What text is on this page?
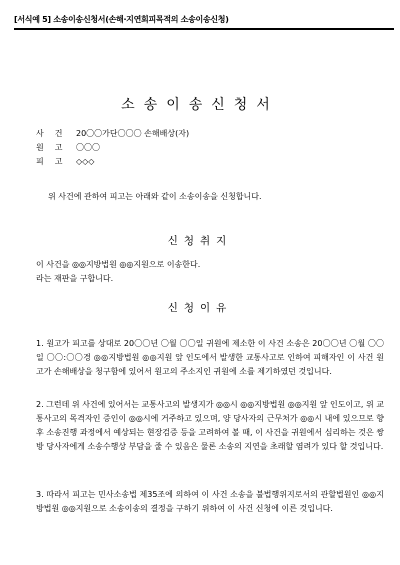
[서식예 5] 소송이송신청서(손해·지연회피목적의 소송이송신청)
소송이송신청서
사건 20〇〇가단〇〇〇 손해배상(자)
원고 〇〇〇
피고 ◇◇◇
위 사건에 관하여 피고는 아래와 같이 소송이송을 신청합니다.
신청취지
이 사건을 ◎◎지방법원 ◎◎지원으로 이송한다.
라는 재판을 구합니다.
신청이유
1. 원고가 피고를 상대로 20〇〇년 〇월 〇〇일 귀원에 제소한 이 사건 소송은 20〇〇년 〇월 〇〇일 〇〇:〇〇경 ◎◎지방법원 ◎◎지원 앞 인도에서 발생한 교통사고로 인하여 피해자인 이 사건 원고가 손해배상을 청구함에 있어서 원고의 주소지인 귀원에 소를 제기하였던 것입니다.
2. 그런데 위 사건에 있어서는 교통사고의 발생지가 ◎◎시 ◎◎지방법원 ◎◎지원 앞 인도이고, 위 교통사고의 목격자인 증인이 ◎◎시에 거주하고 있으며, 양 당사자의 근무처가 ◎◎시 내에 있으므로 향후 소송진행 과정에서 예상되는 현장검증 등을 고려하여 볼 때, 이 사건을 귀원에서 심리하는 것은 쌍방 당사자에게 소송수행상 부담을 줄 수 있음은 물론 소송의 지연을 초래할 염려가 있다 할 것입니다.
3. 따라서 피고는 민사소송법 제35조에 의하여 이 사건 소송을 불법행위지로서의 관할법원인 ◎◎지방법원 ◎◎지원으로 소송이송의 결정을 구하기 위하여 이 사건 신청에 이른 것입니다.
